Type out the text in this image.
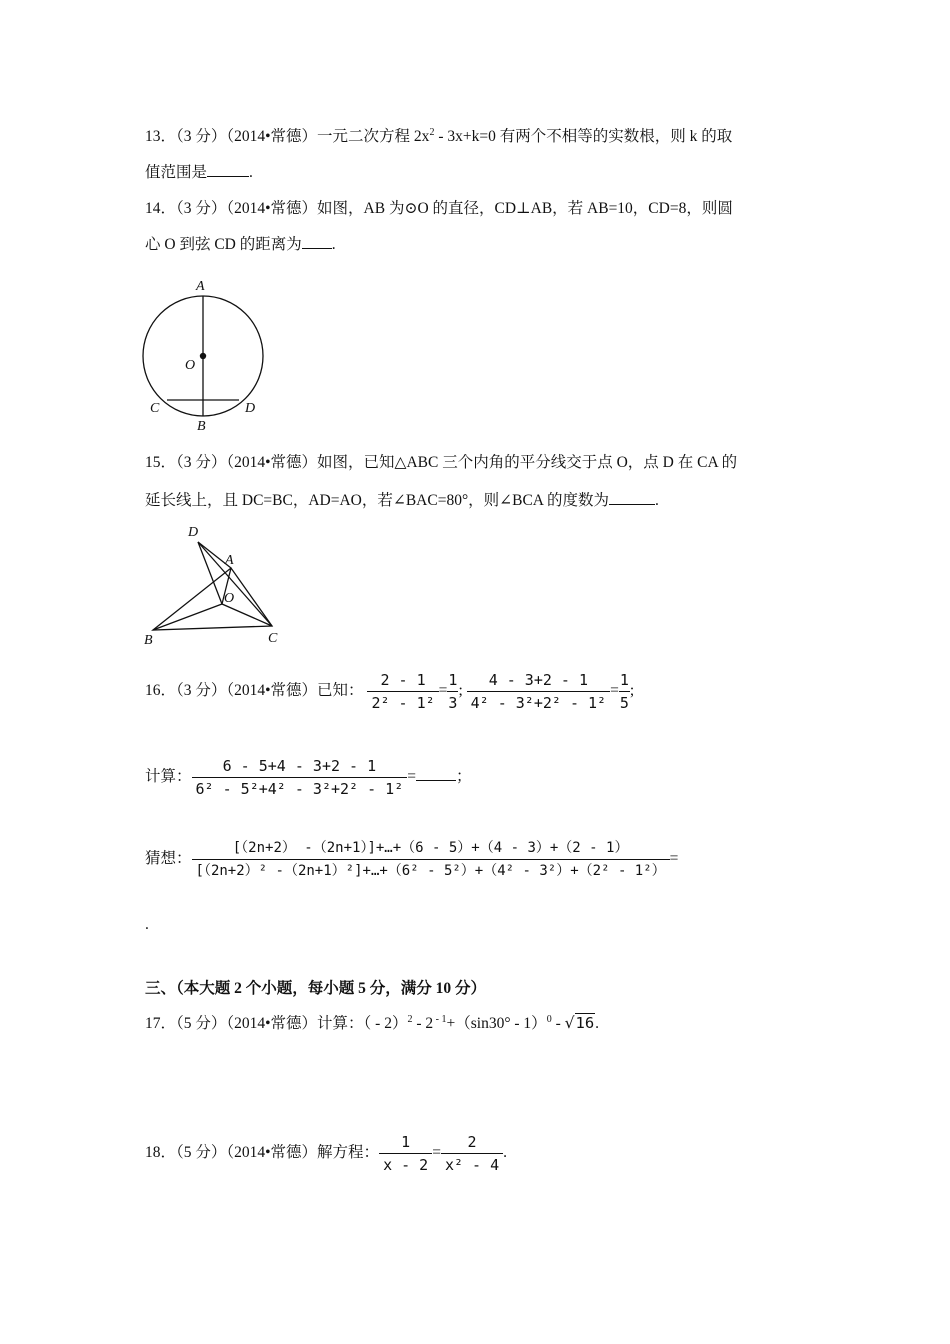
13．（3 分）（2014•常德）一元二次方程 $2x^2 - 3x+k=0$ 有两个不相等的实数根，则 k 的取
值范围是	.
14．（3 分）（2014•常德）如图，AB 为⊙O 的直径，CD⊥AB，若 AB=10，CD=8，则圆
心 O 到弦 CD 的距离为 .
A
O
C	D
B
15．（3 分）（2014•常德）如图，已知△ABC 三个内角的平分线交于点 O，点 D 在 CA 的
延长线上，且 DC=BC，AD=AO，若∠BAC=80°，则∠BCA 的度数为	.
D
A
O
B	C
16．（3 分）（2014•常德）已知： $\frac{2 - 1}{\text{2² - 1²}} = \frac{1}{3}$ ; $\frac{4 - 3+2 - 1}{\text{4² - 3²+2² - 1²}} = \frac{1}{5}$ ;
计算： $\frac{6 - 5+4 - 3+2 - 1}{\text{6² - 5²+4² - 3²+2² - 1²}}$ =	；
猜想： $\frac{[(2n+2) -(2n+1)]+\dots+(6 - 5)+(4 - 3)+(2 - 1)}{\text{[（2n+2）² -（2n+1）²]+…+（6² - 5²）+（4² - 3²）+（2² - 1²）}}$ =
.
三、（本大题 2 个小题，每小题 5 分，满分 10 分）
17．（5 分）（2014•常德）计算：（ - 2）$^2$ - 2 $^{- 1}$+（sin30° - 1）$^0$ - √16.
18．（5 分）（2014•常德）解方程： $\frac{1}{x - 2} = \frac{2}{\text{x² - 4}}$ .
